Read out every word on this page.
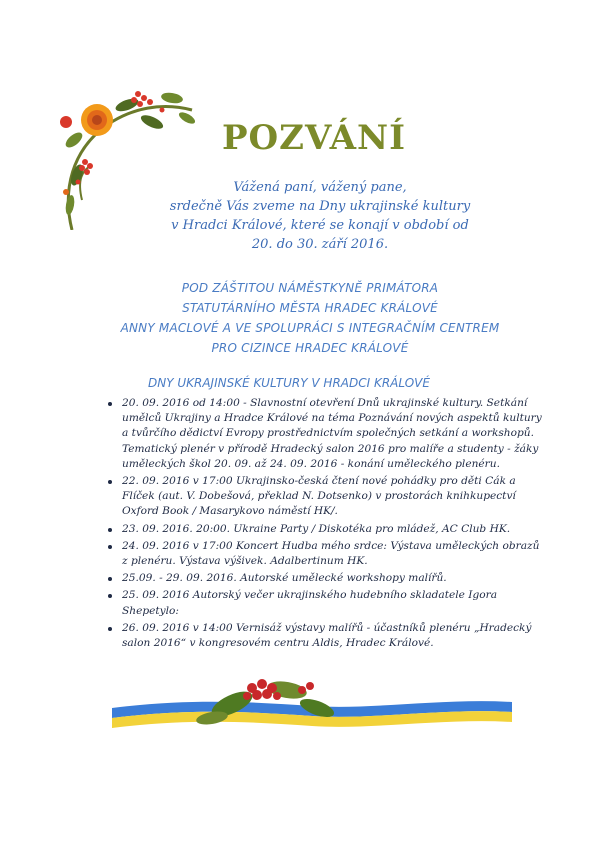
POZVÁNÍ
Vážená paní, vážený pane,
srdečně Vás zveme na Dny ukrajinské kultury
v Hradci Králové, které se konají v období od
20. do 30. září 2016.
POD ZÁŠTITOU NÁMĚSTKYNĚ PRIMÁTORA
STATUTÁRNÍHO MĚSTA HRADEC KRÁLOVÉ
ANNY MACLOVÉ A VE SPOLUPRÁCI S INTEGRAČNÍM CENTREM
PRO CIZINCE HRADEC KRÁLOVÉ
DNY UKRAJINSKÉ KULTURY V HRADCI KRÁLOVÉ
20. 09. 2016 od 14:00 - Slavnostní otevření Dnů ukrajinské kultury. Setkání umělců Ukrajiny a Hradce Králové na téma Poznávání nových aspektů kultury a tvůrčího dědictví Evropy prostřednictvím společných setkání a workshopů. Tematický plenér v přírodě Hradecký salon 2016 pro malíře a studenty - žáky uměleckých škol 20. 09. až 24. 09. 2016 - konání uměleckého plenéru.
22. 09. 2016 v 17:00 Ukrajinsko-česká čtení nové pohádky pro děti Cák a Flíček (aut. V. Dobešová, překlad N. Dotsenko) v prostorách knihkupectví Oxford Book / Masarykovo náměstí HK/.
23. 09. 2016. 20:00. Ukraine Party / Diskotéka pro mládež, AC Club HK.
24. 09. 2016 v 17:00 Koncert Hudba mého srdce: Výstava uměleckých obrazů z plenéru. Výstava výšivek. Adalbertinum HK.
25.09. - 29. 09. 2016. Autorské umělecké workshopy malířů.
25. 09. 2016 Autorský večer ukrajinského hudebního skladatele Igora Shepetylo:
26. 09. 2016 v 14:00 Vernisáž výstavy malířů - účastníků plenéru „Hradecký salon 2016“ v kongresovém centru Aldis, Hradec Králové.
